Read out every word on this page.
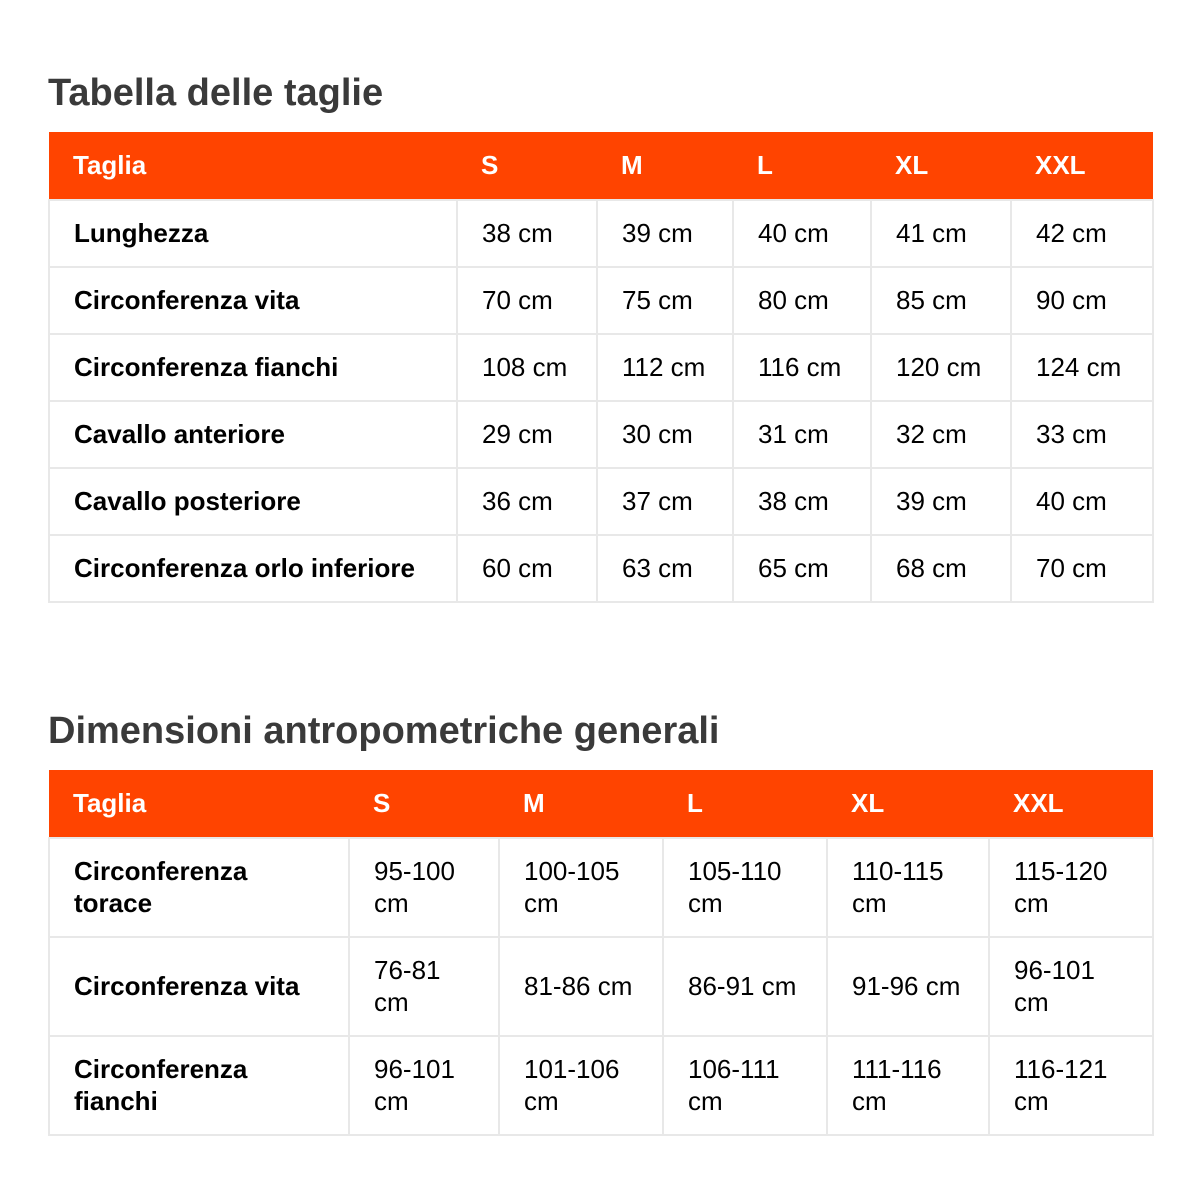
Tabella delle taglie
Taglia	S	M	L	XL	XXL
Lunghezza	38 cm	39 cm	40 cm	41 cm	42 cm
Circonferenza vita	70 cm	75 cm	80 cm	85 cm	90 cm
Circonferenza fianchi	108 cm	112 cm	116 cm	120 cm	124 cm
Cavallo anteriore	29 cm	30 cm	31 cm	32 cm	33 cm
Cavallo posteriore	36 cm	37 cm	38 cm	39 cm	40 cm
Circonferenza orlo inferiore	60 cm	63 cm	65 cm	68 cm	70 cm
Dimensioni antropometriche generali
Taglia	S	M	L	XL	XXL
Circonferenza torace	95-100 cm	100-105 cm	105-110 cm	110-115 cm	115-120 cm
Circonferenza vita	76-81 cm	81-86 cm	86-91 cm	91-96 cm	96-101 cm
Circonferenza fianchi	96-101 cm	101-106 cm	106-111 cm	111-116 cm	116-121 cm
